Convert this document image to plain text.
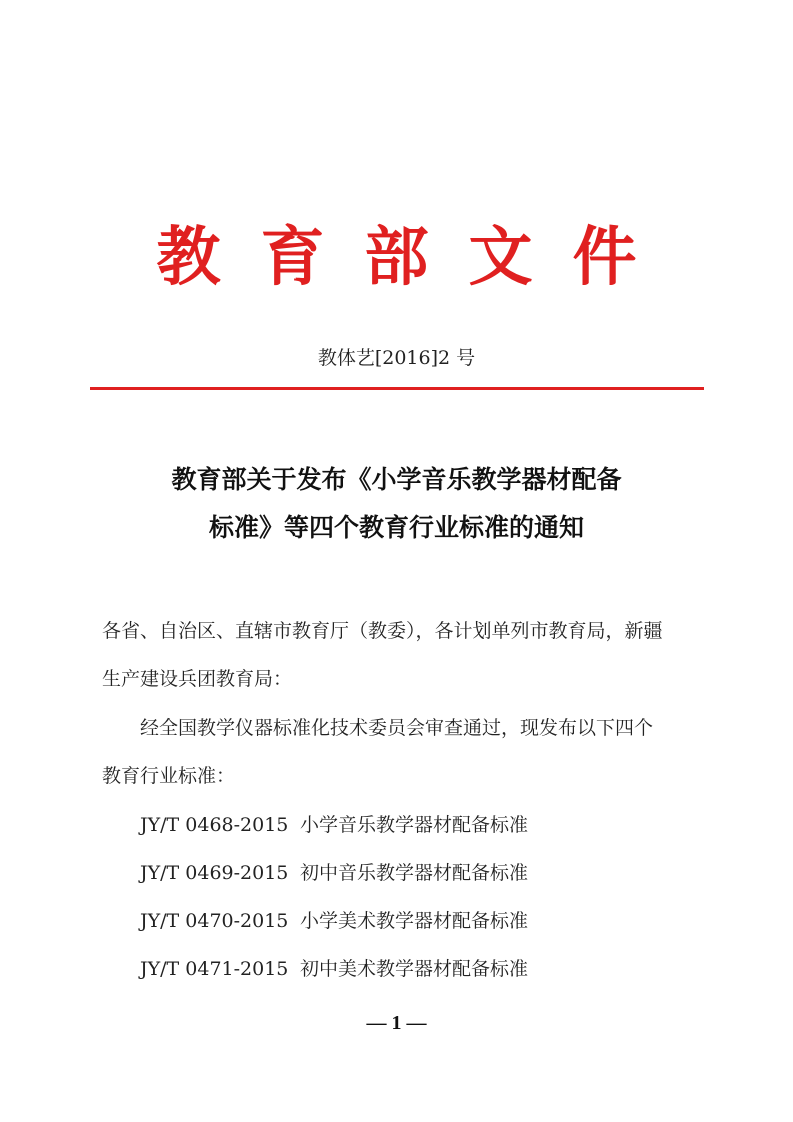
教育部文件
教体艺[2016]2 号
教育部关于发布《小学音乐教学器材配备
标准》等四个教育行业标准的通知
各省、自治区、直辖市教育厅（教委），各计划单列市教育局，新疆
生产建设兵团教育局：
经全国教学仪器标准化技术委员会审查通过，现发布以下四个
教育行业标准：
JY/T 0468-2015 小学音乐教学器材配备标准
JY/T 0469-2015 初中音乐教学器材配备标准
JY/T 0470-2015 小学美术教学器材配备标准
JY/T 0471-2015 初中美术教学器材配备标准
— 1 —
